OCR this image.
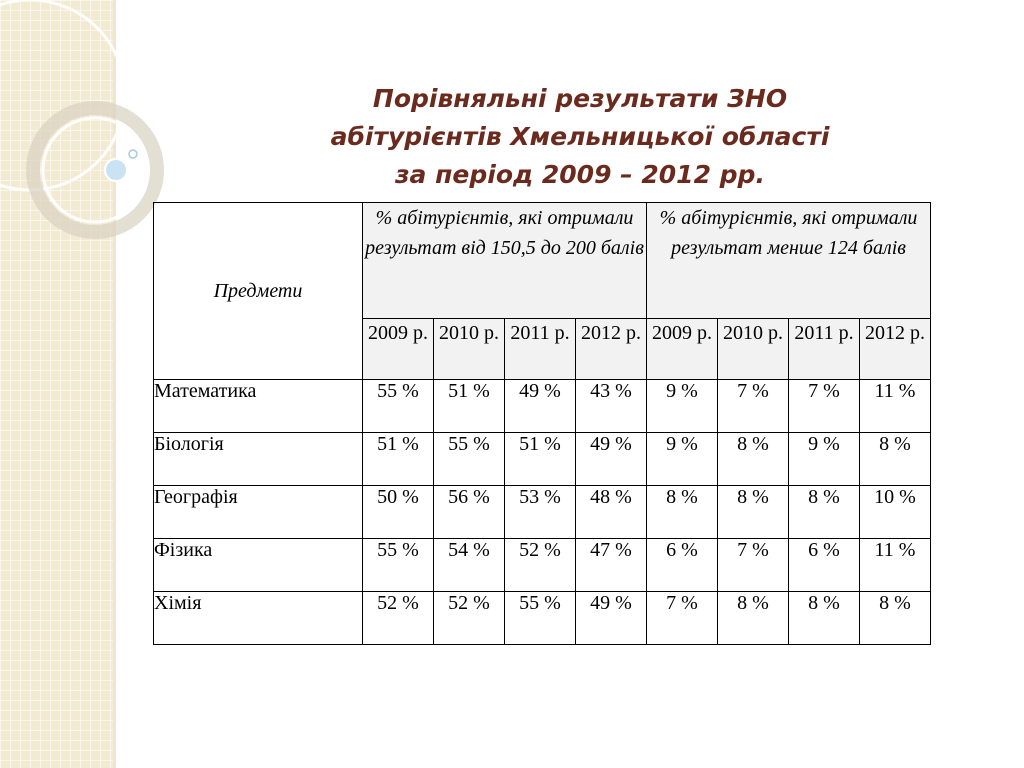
Порівняльні результати ЗНО
абітурієнтів Хмельницької області
за період 2009 – 2012 рр.
Предмети	% абітурієнтів, які отримали результат від 150,5 до 200 балів				% абітурієнтів, які отримали результат менше 124 балів			
	2009 р.	2010 р.	2011 р.	2012 р.	2009 р.	2010 р.	2011 р.	2012 р.
Математика	55 %	51 %	49 %	43 %	9 %	7 %	7 %	11 %
Біологія	51 %	55 %	51 %	49 %	9 %	8 %	9 %	8 %
Географія	50 %	56 %	53 %	48 %	8 %	8 %	8 %	10 %
Фізика	55 %	54 %	52 %	47 %	6 %	7 %	6 %	11 %
Хімія	52 %	52 %	55 %	49 %	7 %	8 %	8 %	8 %
